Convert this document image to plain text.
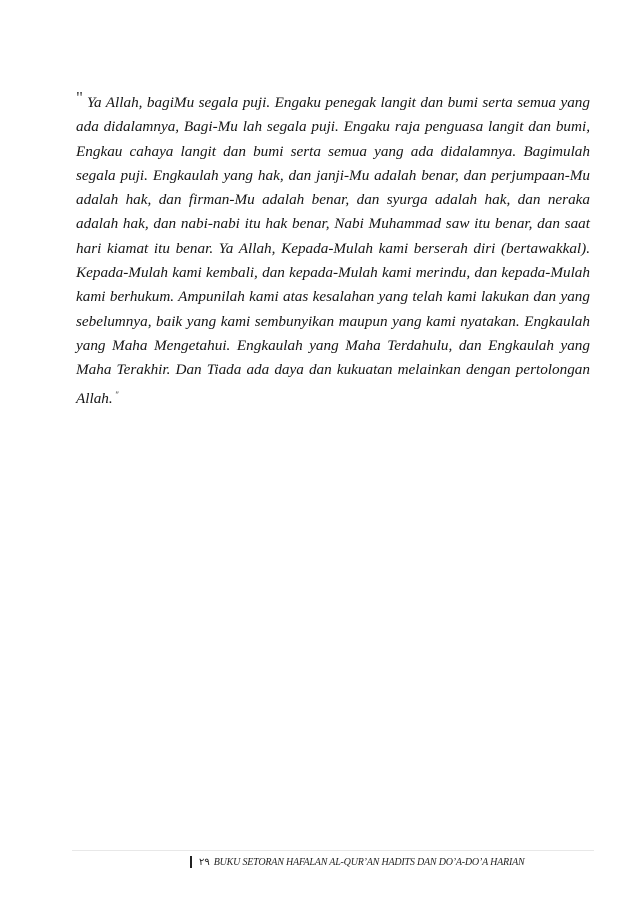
" Ya Allah, bagiMu segala puji. Engaku penegak langit dan bumi serta semua yang ada didalamnya, Bagi-Mu lah segala puji. Engaku raja penguasa langit dan bumi, Engkau cahaya langit dan bumi serta semua yang ada didalamnya. Bagimulah segala puji. Engkaulah yang hak, dan janji-Mu adalah benar, dan perjumpaan-Mu adalah hak, dan firman-Mu adalah benar, dan syurga adalah hak, dan neraka adalah hak, dan nabi-nabi itu hak benar, Nabi Muhammad saw itu benar, dan saat hari kiamat itu benar. Ya Allah, Kepada-Mulah kami berserah diri (bertawakkal). Kepada-Mulah kami kembali, dan kepada-Mulah kami merindu, dan kepada-Mulah kami berhukum. Ampunilah kami atas kesalahan yang telah kami lakukan dan yang sebelumnya, baik yang kami sembunyikan maupun yang kami nyatakan. Engkaulah yang Maha Mengetahui. Engkaulah yang Maha Terdahulu, dan Engkaulah yang Maha Terakhir. Dan Tiada ada daya dan kukuatan melainkan dengan pertolongan Allah. "

٢٩ BUKU SETORAN HAFALAN AL-QUR’AN HADITS DAN DO’A-DO’A HARIAN
